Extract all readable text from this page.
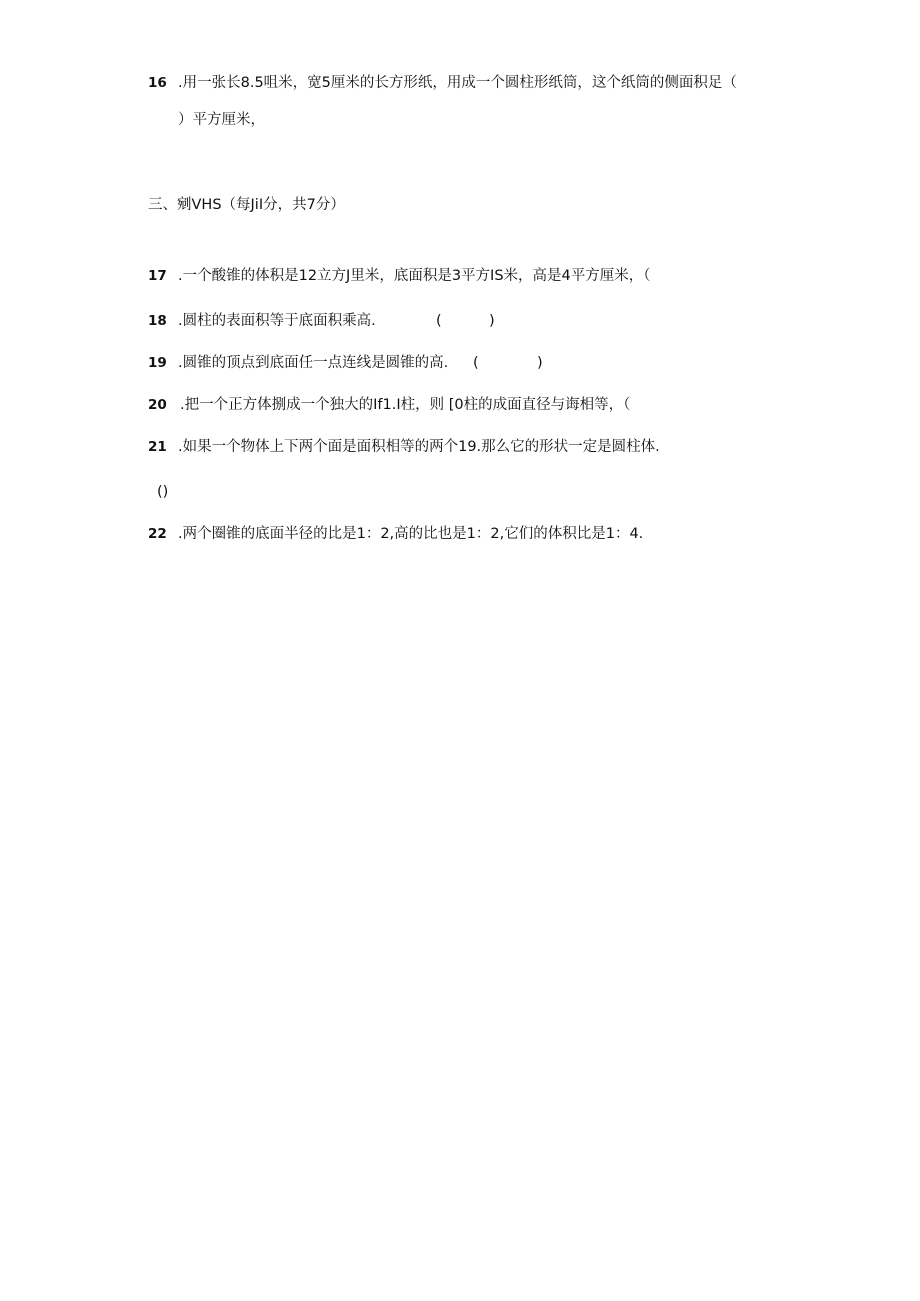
16 .用一张长8.5咀米，宽5厘米的长方形纸，用成一个圆柱形纸筒，这个纸筒的侧面积足（
）平方厘米，
三、剜VHS（每JiI分，共7分）
17 .一个酸锥的体积是12立方J里米，底面积是3平方IS米，高是4平方厘米，（
18 .圆柱的表面积等于底面积乘高.	(	)
19 .圆锥的顶点到底面任一点连线是圆锥的高. (	)
20 .把一个正方体捌成一个独大的If1.I柱，则 [0柱的成面直径与诲相等，（
21 .如果一个物体上下两个面是面积相等的两个19.那么它的形状一定是圆柱体.
()
22 .两个圈锥的底面半径的比是1：2,高的比也是1：2,它们的体积比是1：4.
